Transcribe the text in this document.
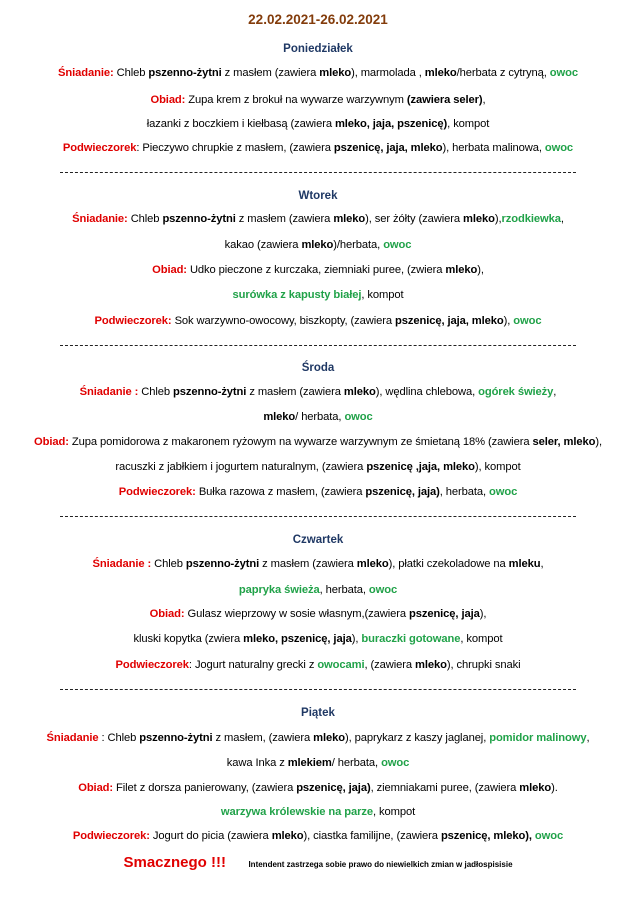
22.02.2021-26.02.2021
Poniedziałek
Śniadanie: Chleb pszenno-żytni z masłem (zawiera mleko), marmolada , mleko/herbata z cytryną, owoc
Obiad: Zupa krem z brokuł na wywarze warzywnym (zawiera seler),
łazanki z boczkiem i kiełbasą (zawiera mleko, jaja, pszenicę), kompot
Podwieczorek: Pieczywo chrupkie z masłem, (zawiera pszenicę, jaja, mleko), herbata malinowa, owoc
Wtorek
Śniadanie: Chleb pszenno-żytni z masłem (zawiera mleko), ser żółty (zawiera mleko),rzodkiewka,
kakao (zawiera mleko)/herbata, owoc
Obiad: Udko pieczone z kurczaka, ziemniaki puree, (zwiera mleko),
surówka z kapusty białej, kompot
Podwieczorek: Sok warzywno-owocowy, biszkopty, (zawiera pszenicę, jaja, mleko), owoc
Środa
Śniadanie : Chleb pszenno-żytni z masłem (zawiera mleko), wędlina chlebowa, ogórek świeży,
mleko/ herbata, owoc
Obiad: Zupa pomidorowa z makaronem ryżowym na wywarze warzywnym ze śmietaną 18% (zawiera seler, mleko),
racuszki z jabłkiem i jogurtem naturalnym, (zawiera pszenicę ,jaja, mleko), kompot
Podwieczorek: Bułka razowa z masłem, (zawiera pszenicę, jaja), herbata, owoc
Czwartek
Śniadanie : Chleb pszenno-żytni z masłem (zawiera mleko), płatki czekoladowe na mleku,
papryka świeża, herbata, owoc
Obiad: Gulasz wieprzowy w sosie własnym,(zawiera pszenicę, jaja),
kluski kopytka (zwiera mleko, pszenicę, jaja), buraczki gotowane, kompot
Podwieczorek: Jogurt naturalny grecki z owocami, (zawiera mleko), chrupki snaki
Piątek
Śniadanie : Chleb pszenno-żytni z masłem, (zawiera mleko), paprykarz z kaszy jaglanej, pomidor malinowy,
kawa Inka z mlekiem/ herbata, owoc
Obiad: Filet z dorsza panierowany, (zawiera pszenicę, jaja), ziemniakami puree, (zawiera mleko).
warzywa królewskie na parze, kompot
Podwieczorek: Jogurt do picia (zawiera mleko), ciastka familijne, (zawiera pszenicę, mleko), owoc
Smacznego !!!	Intendent zastrzega sobie prawo do niewielkich zmian w jadłospisisie
